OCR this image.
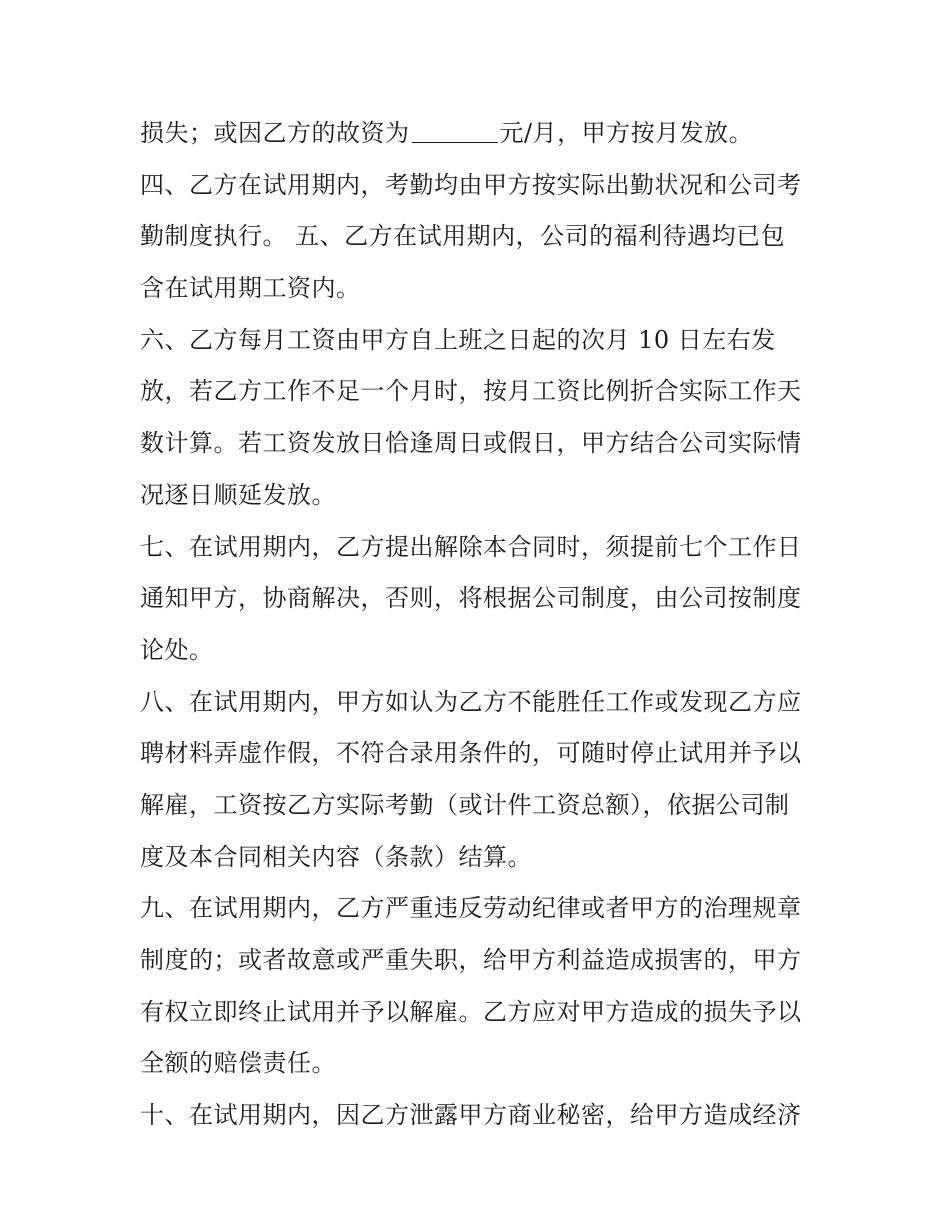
损失；或因乙方的故资为	元/月，甲方按月发放。
四、乙方在试用期内，考勤均由甲方按实际出勤状况和公司考
勤制度执行。 五、乙方在试用期内，公司的福利待遇均已包
含在试用期工资内。
六、乙方每月工资由甲方自上班之日起的次月 10 日左右发
放，若乙方工作不足一个月时，按月工资比例折合实际工作天
数计算。若工资发放日恰逢周日或假日，甲方结合公司实际情
况逐日顺延发放。
七、在试用期内，乙方提出解除本合同时，须提前七个工作日
通知甲方，协商解决，否则，将根据公司制度，由公司按制度
论处。
八、在试用期内，甲方如认为乙方不能胜任工作或发现乙方应
聘材料弄虚作假，不符合录用条件的，可随时停止试用并予以
解雇，工资按乙方实际考勤（或计件工资总额），依据公司制
度及本合同相关内容（条款）结算。
九、在试用期内，乙方严重违反劳动纪律或者甲方的治理规章
制度的；或者故意或严重失职，给甲方利益造成损害的，甲方
有权立即终止试用并予以解雇。乙方应对甲方造成的损失予以
全额的赔偿责任。
十、在试用期内，因乙方泄露甲方商业秘密，给甲方造成经济
